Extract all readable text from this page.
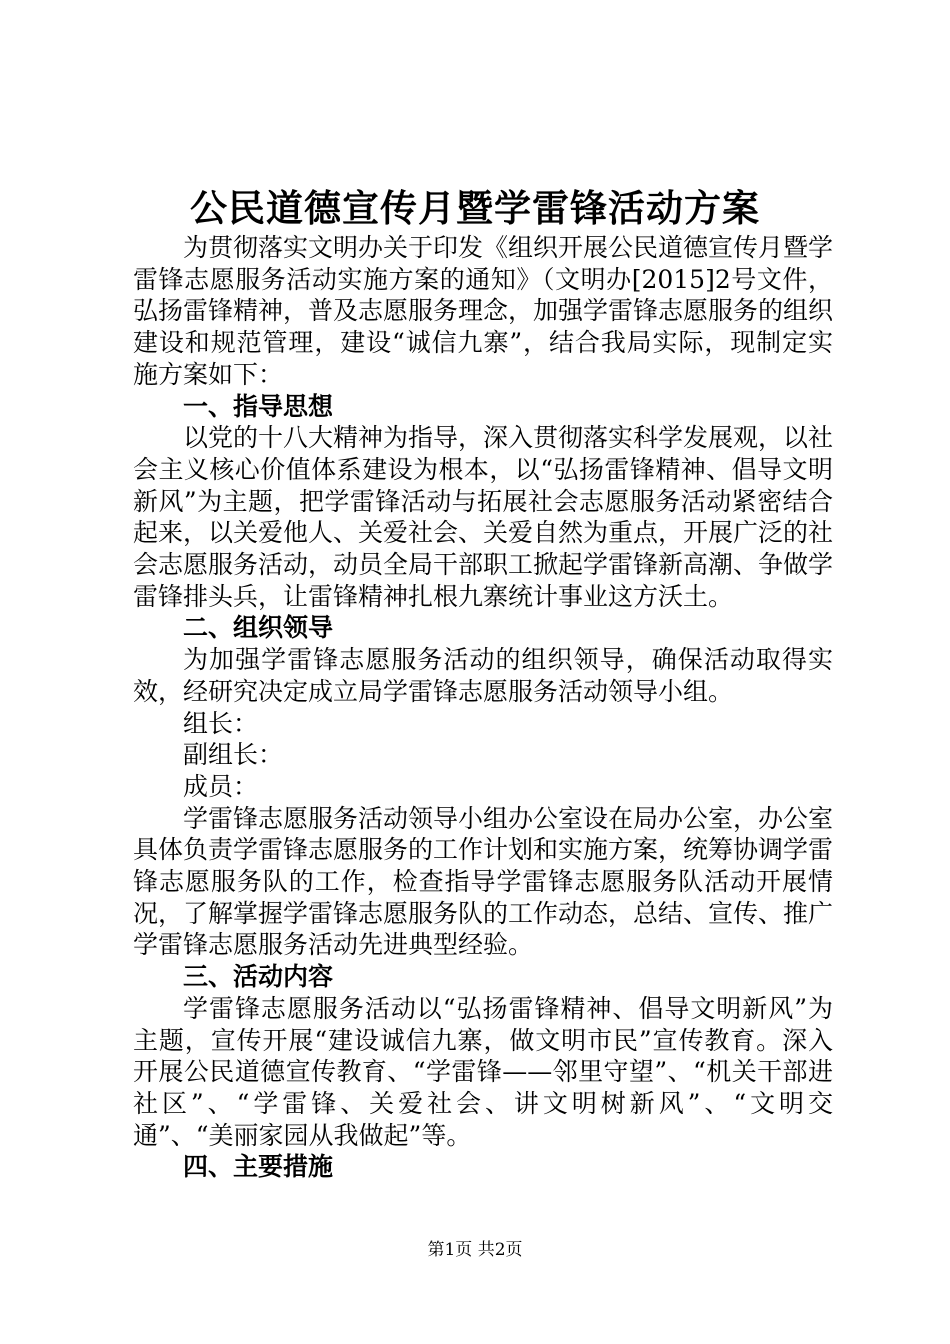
公民道德宣传月暨学雷锋活动方案

为贯彻落实文明办关于印发《组织开展公民道德宣传月暨学雷锋志愿服务活动实施方案的通知》（文明办[2015]2号文件，弘扬雷锋精神，普及志愿服务理念，加强学雷锋志愿服务的组织建设和规范管理，建设“诚信九寨”，结合我局实际，现制定实施方案如下：

一、指导思想

以党的十八大精神为指导，深入贯彻落实科学发展观，以社会主义核心价值体系建设为根本，以“弘扬雷锋精神、倡导文明新风”为主题，把学雷锋活动与拓展社会志愿服务活动紧密结合起来，以关爱他人、关爱社会、关爱自然为重点，开展广泛的社会志愿服务活动，动员全局干部职工掀起学雷锋新高潮、争做学雷锋排头兵，让雷锋精神扎根九寨统计事业这方沃土。

二、组织领导

为加强学雷锋志愿服务活动的组织领导，确保活动取得实效，经研究决定成立局学雷锋志愿服务活动领导小组。

组长：

副组长：

成员：

学雷锋志愿服务活动领导小组办公室设在局办公室，办公室具体负责学雷锋志愿服务的工作计划和实施方案，统筹协调学雷锋志愿服务队的工作，检查指导学雷锋志愿服务队活动开展情况，了解掌握学雷锋志愿服务队的工作动态，总结、宣传、推广学雷锋志愿服务活动先进典型经验。

三、活动内容

学雷锋志愿服务活动以“弘扬雷锋精神、倡导文明新风”为主题，宣传开展“建设诚信九寨，做文明市民”宣传教育。深入开展公民道德宣传教育、“学雷锋——邻里守望”、“机关干部进社区”、“学雷锋、关爱社会、讲文明树新风”、“文明交通”、“美丽家园从我做起”等。

四、主要措施

第1页 共2页
